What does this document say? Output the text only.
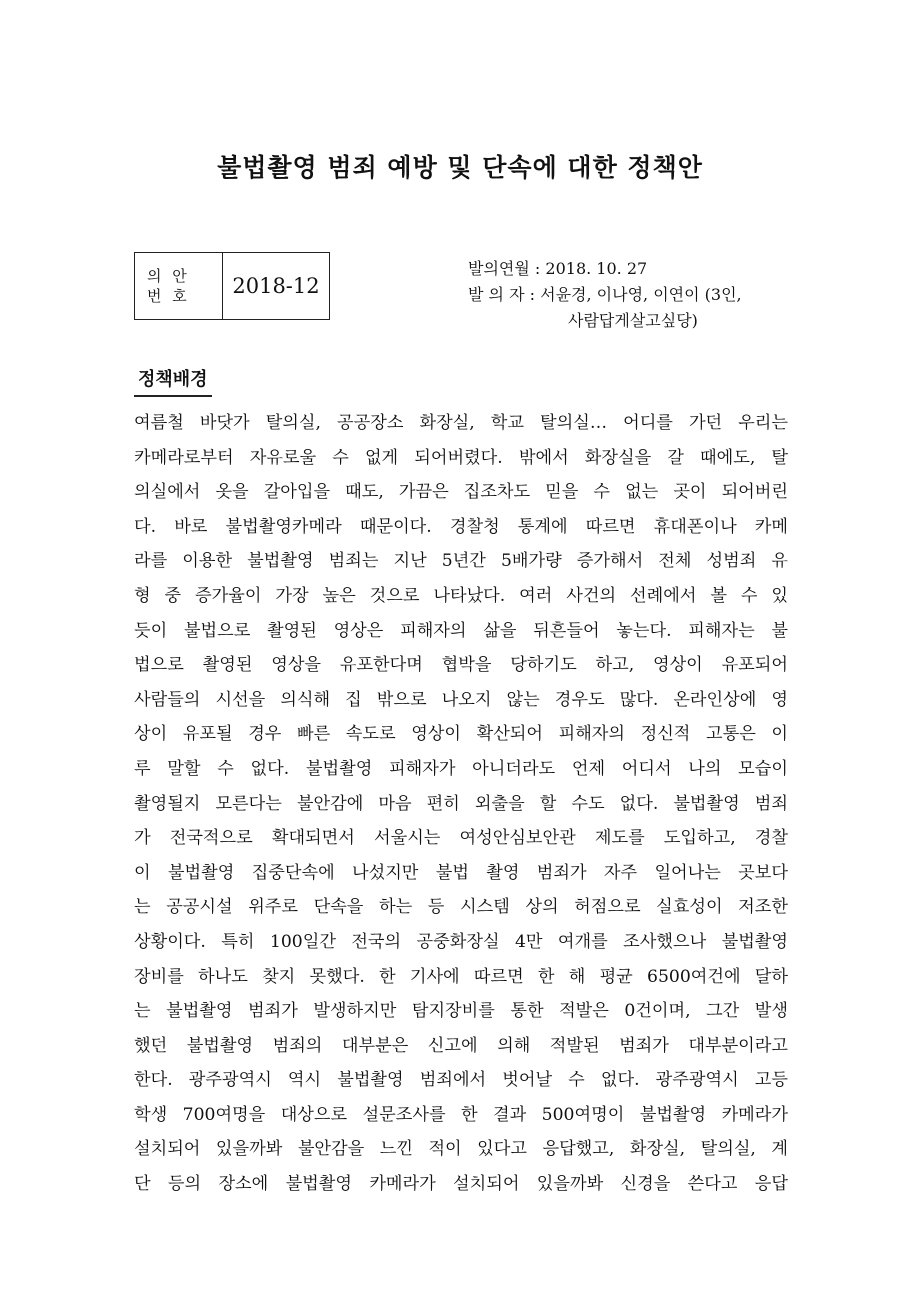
불법촬영 범죄 예방 및 단속에 대한 정책안
의 안
번 호	2018-12
발의연월 : 2018. 10. 27
발 의 자 : 서윤경, 이나영, 이연이 (3인,
사람답게살고싶당)
정책배경
여름철 바닷가 탈의실, 공공장소 화장실, 학교 탈의실… 어디를 가던 우리는
카메라로부터 자유로울 수 없게 되어버렸다. 밖에서 화장실을 갈 때에도, 탈
의실에서 옷을 갈아입을 때도, 가끔은 집조차도 믿을 수 없는 곳이 되어버린
다. 바로 불법촬영카메라 때문이다. 경찰청 통계에 따르면 휴대폰이나 카메
라를 이용한 불법촬영 범죄는 지난 5년간 5배가량 증가해서 전체 성범죄 유
형 중 증가율이 가장 높은 것으로 나타났다. 여러 사건의 선례에서 볼 수 있
듯이 불법으로 촬영된 영상은 피해자의 삶을 뒤흔들어 놓는다. 피해자는 불
법으로 촬영된 영상을 유포한다며 협박을 당하기도 하고, 영상이 유포되어
사람들의 시선을 의식해 집 밖으로 나오지 않는 경우도 많다. 온라인상에 영
상이 유포될 경우 빠른 속도로 영상이 확산되어 피해자의 정신적 고통은 이
루 말할 수 없다. 불법촬영 피해자가 아니더라도 언제 어디서 나의 모습이
촬영될지 모른다는 불안감에 마음 편히 외출을 할 수도 없다. 불법촬영 범죄
가 전국적으로 확대되면서 서울시는 여성안심보안관 제도를 도입하고, 경찰
이 불법촬영 집중단속에 나섰지만 불법 촬영 범죄가 자주 일어나는 곳보다
는 공공시설 위주로 단속을 하는 등 시스템 상의 허점으로 실효성이 저조한
상황이다. 특히 100일간 전국의 공중화장실 4만 여개를 조사했으나 불법촬영
장비를 하나도 찾지 못했다. 한 기사에 따르면 한 해 평균 6500여건에 달하
는 불법촬영 범죄가 발생하지만 탐지장비를 통한 적발은 0건이며, 그간 발생
했던 불법촬영 범죄의 대부분은 신고에 의해 적발된 범죄가 대부분이라고
한다. 광주광역시 역시 불법촬영 범죄에서 벗어날 수 없다. 광주광역시 고등
학생 700여명을 대상으로 설문조사를 한 결과 500여명이 불법촬영 카메라가
설치되어 있을까봐 불안감을 느낀 적이 있다고 응답했고, 화장실, 탈의실, 계
단 등의 장소에 불법촬영 카메라가 설치되어 있을까봐 신경을 쓴다고 응답
